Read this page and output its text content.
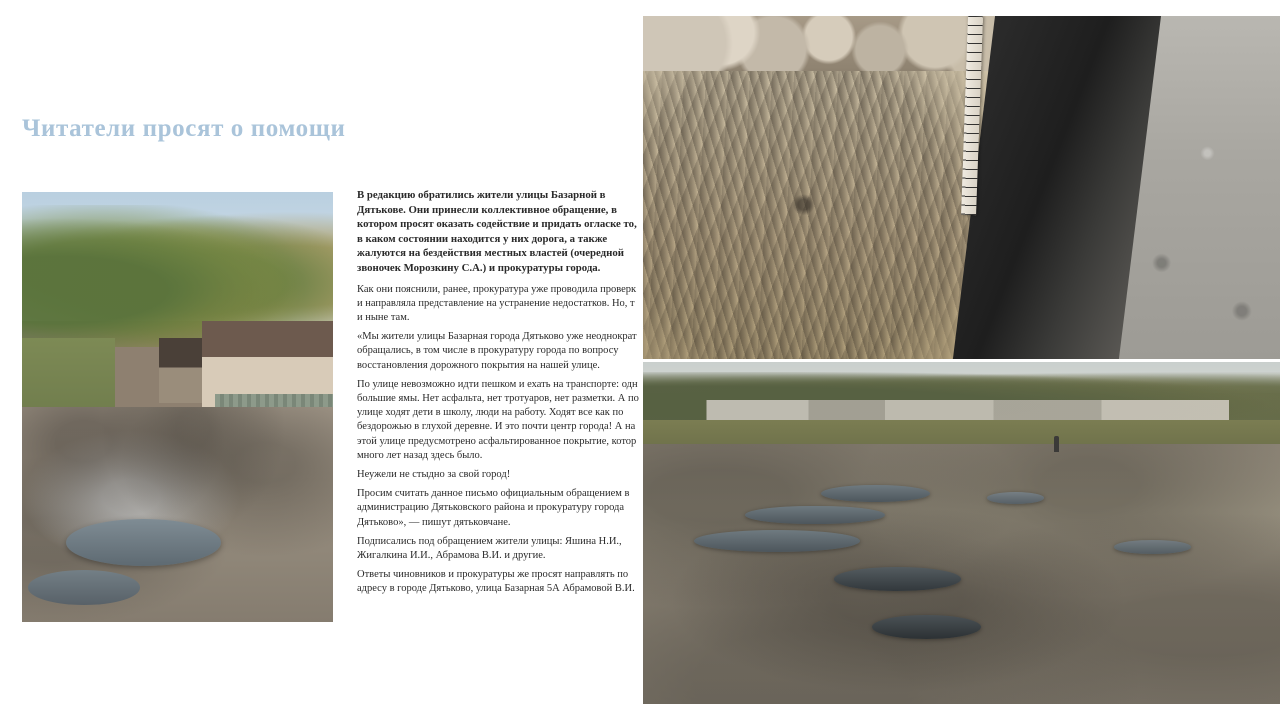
Читатели просят о помощи

В редакцию обратились жители улицы Базарной в Дятькове. Они принесли коллективное обращение, в котором просят оказать содействие и придать огласке то, в каком состоянии находится у них дорога, а также жалуются на бездействия местных властей (очередной звоночек Морозкину С.А.) и прокуратуры города.

Как они пояснили, ранее, прокуратура уже проводила проверк и направляла представление на устранение недостатков. Но, т и ныне там.

«Мы жители улицы Базарная города Дятьково уже неоднократ обращались, в том числе в прокуратуру города по вопросу восстановления дорожного покрытия на нашей улице.

По улице невозможно идти пешком и ехать на транспорте: одн большие ямы. Нет асфальта, нет тротуаров, нет разметки. А по улице ходят дети в школу, люди на работу. Ходят все как по бездорожью в глухой деревне. И это почти центр города! А на этой улице предусмотрено асфальтированное покрытие, котор много лет назад здесь было.

Неужели не стыдно за свой город!

Просим считать данное письмо официальным обращением в администрацию Дятьковского района и прокуратуру города Дятьково», — пишут дятьковчане.

Подписались под обращением жители улицы: Яшина Н.И., Жигалкина И.И., Абрамова В.И. и другие.

Ответы чиновников и прокуратуры же просят направлять по адресу в городе Дятьково, улица Базарная 5А Абрамовой В.И.
